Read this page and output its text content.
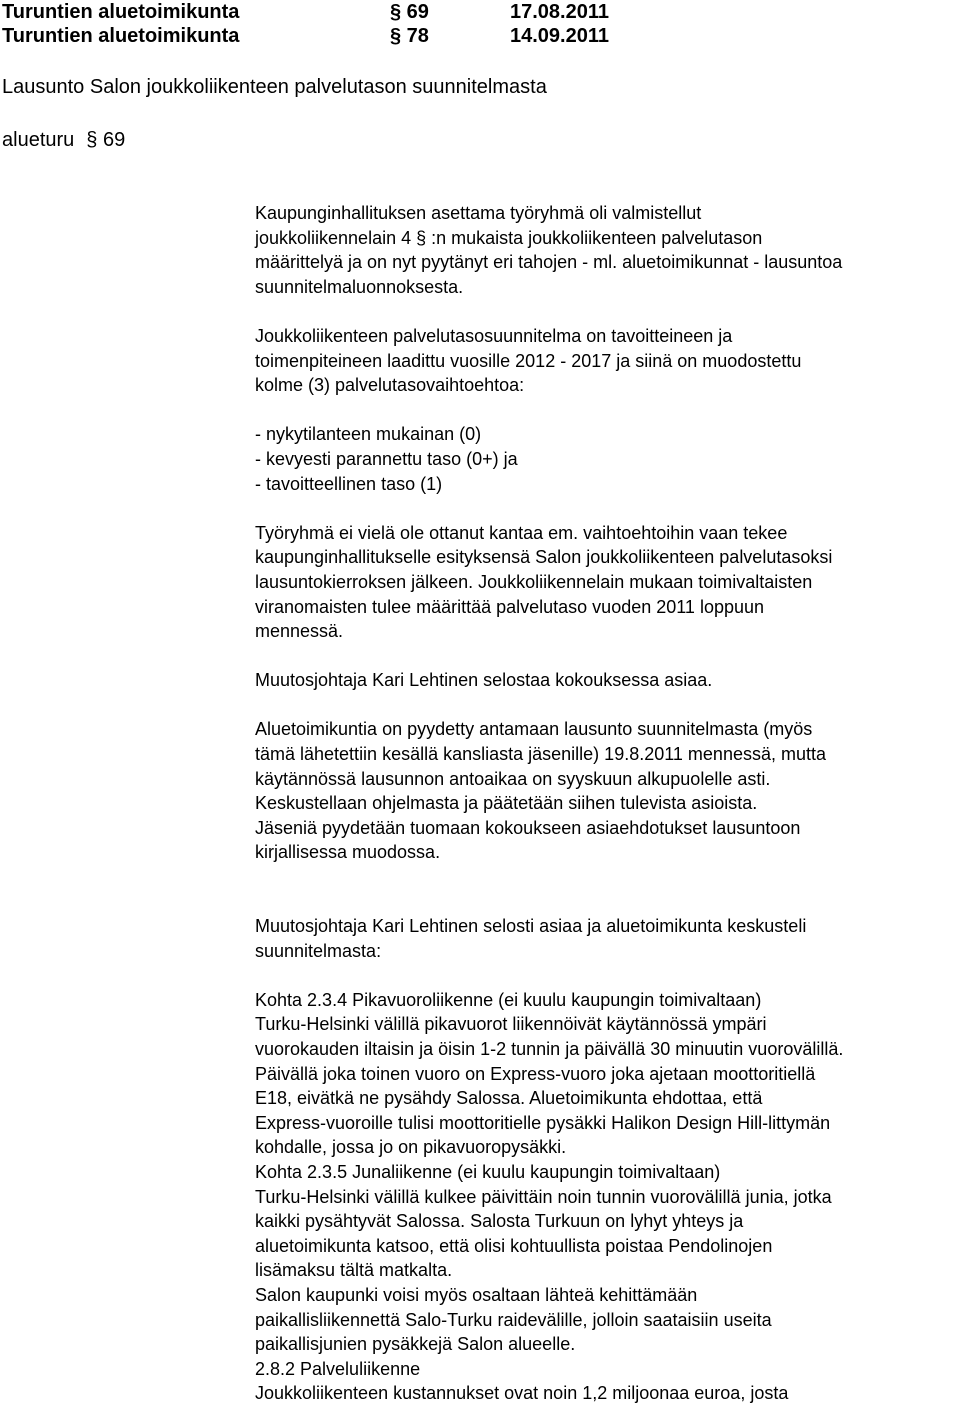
Turuntien aluetoimikunta	§ 69	17.08.2011
Turuntien aluetoimikunta	§ 78	14.09.2011
Lausunto Salon joukkoliikenteen palvelutason suunnitelmasta
alueturu § 69

Kaupunginhallituksen asettama työryhmä oli valmistellut

joukkoliikennelain 4 § :n mukaista joukkoliikenteen palvelutason

määrittelyä ja on nyt pyytänyt eri tahojen - ml. aluetoimikunnat - lausuntoa

suunnitelmaluonnoksesta.

Joukkoliikenteen palvelutasosuunnitelma on tavoitteineen ja

toimenpiteineen laadittu vuosille 2012 - 2017 ja siinä on muodostettu

kolme (3) palvelutasovaihtoehtoa:

- nykytilanteen mukainan (0)

- kevyesti parannettu taso (0+) ja

- tavoitteellinen taso (1)

Työryhmä ei vielä ole ottanut kantaa em. vaihtoehtoihin vaan tekee

kaupunginhallitukselle esityksensä Salon joukkoliikenteen palvelutasoksi

lausuntokierroksen jälkeen. Joukkoliikennelain mukaan toimivaltaisten

viranomaisten tulee määrittää palvelutaso vuoden 2011 loppuun

mennessä.

Muutosjohtaja Kari Lehtinen selostaa kokouksessa asiaa.

Aluetoimikuntia on pyydetty antamaan lausunto suunnitelmasta (myös

tämä lähetettiin kesällä kansliasta jäsenille) 19.8.2011 mennessä, mutta

käytännössä lausunnon antoaikaa on syyskuun alkupuolelle asti.

Keskustellaan ohjelmasta ja päätetään siihen tulevista asioista.

Jäseniä pyydetään tuomaan kokoukseen asiaehdotukset lausuntoon

kirjallisessa muodossa.

Muutosjohtaja Kari Lehtinen selosti asiaa ja aluetoimikunta keskusteli

suunnitelmasta:

Kohta 2.3.4 Pikavuoroliikenne (ei kuulu kaupungin toimivaltaan)

Turku-Helsinki välillä pikavuorot liikennöivät käytännössä ympäri

vuorokauden iltaisin ja öisin 1-2 tunnin ja päivällä 30 minuutin vuorovälillä.

Päivällä joka toinen vuoro on Express-vuoro joka ajetaan moottoritiellä

E18, eivätkä ne pysähdy Salossa. Aluetoimikunta ehdottaa, että

Express-vuoroille tulisi moottoritielle pysäkki Halikon Design Hill-littymän

kohdalle, jossa jo on pikavuoropysäkki.

Kohta 2.3.5 Junaliikenne (ei kuulu kaupungin toimivaltaan)

Turku-Helsinki välillä kulkee päivittäin noin tunnin vuorovälillä junia, jotka

kaikki pysähtyvät Salossa. Salosta Turkuun on lyhyt yhteys ja

aluetoimikunta katsoo, että olisi kohtuullista poistaa Pendolinojen

lisämaksu tältä matkalta.

Salon kaupunki voisi myös osaltaan lähteä kehittämään

paikallisliikennettä Salo-Turku raidevälille, jolloin saataisiin useita

paikallisjunien pysäkkejä Salon alueelle.

2.8.2 Palveluliikenne

Joukkoliikenteen kustannukset ovat noin 1,2 miljoonaa euroa, josta
